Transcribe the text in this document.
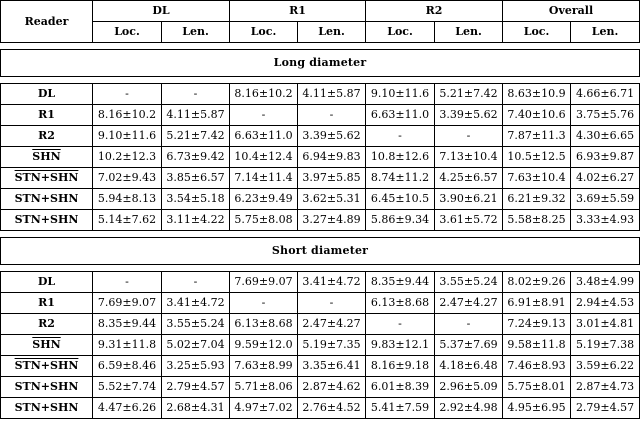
Reader	DL		R1		R2		Overall	
	Loc.	Len.	Loc.	Len.	Loc.	Len.	Loc.	Len.

Long diameter								

DL	-	-	8.16±10.2	4.11±5.87	9.10±11.6	5.21±7.42	8.63±10.9	4.66±6.71
R1	8.16±10.2	4.11±5.87	-	-	6.63±11.0	3.39±5.62	7.40±10.6	3.75±5.76
R2	9.10±11.6	5.21±7.42	6.63±11.0	3.39±5.62	-	-	7.87±11.3	4.30±6.65
$\overline{SHN}$	10.2±12.3	6.73±9.42	10.4±12.4	6.94±9.83	10.8±12.6	7.13±10.4	10.5±12.5	6.93±9.87
STN+SHN	7.02±9.43	3.85±6.57	7.14±11.4	3.97±5.85	8.74±11.2	4.25±6.57	7.63±10.4	4.02±6.27
STN+SHN	5.94±8.13	3.54±5.18	6.23±9.49	3.62±5.31	6.45±10.5	3.90±6.21	6.21±9.32	3.69±5.59
STN+SHN	5.14±7.62	3.11±4.22	5.75±8.08	3.27±4.89	5.86±9.34	3.61±5.72	5.58±8.25	3.33±4.93

Short diameter								

DL	-	-	7.69±9.07	3.41±4.72	8.35±9.44	3.55±5.24	8.02±9.26	3.48±4.99
R1	7.69±9.07	3.41±4.72	-	-	6.13±8.68	2.47±4.27	6.91±8.91	2.94±4.53
R2	8.35±9.44	3.55±5.24	6.13±8.68	2.47±4.27	-	-	7.24±9.13	3.01±4.81
$\overline{SHN}$	9.31±11.8	5.02±7.04	9.59±12.0	5.19±7.35	9.83±12.1	5.37±7.69	9.58±11.8	5.19±7.38
STN+SHN	6.59±8.46	3.25±5.93	7.63±8.99	3.35±6.41	8.16±9.18	4.18±6.48	7.46±8.93	3.59±6.22
STN+SHN	5.52±7.74	2.79±4.57	5.71±8.06	2.87±4.62	6.01±8.39	2.96±5.09	5.75±8.01	2.87±4.73
STN+SHN	4.47±6.26	2.68±4.31	4.97±7.02	2.76±4.52	5.41±7.59	2.92±4.98	4.95±6.95	2.79±4.57
